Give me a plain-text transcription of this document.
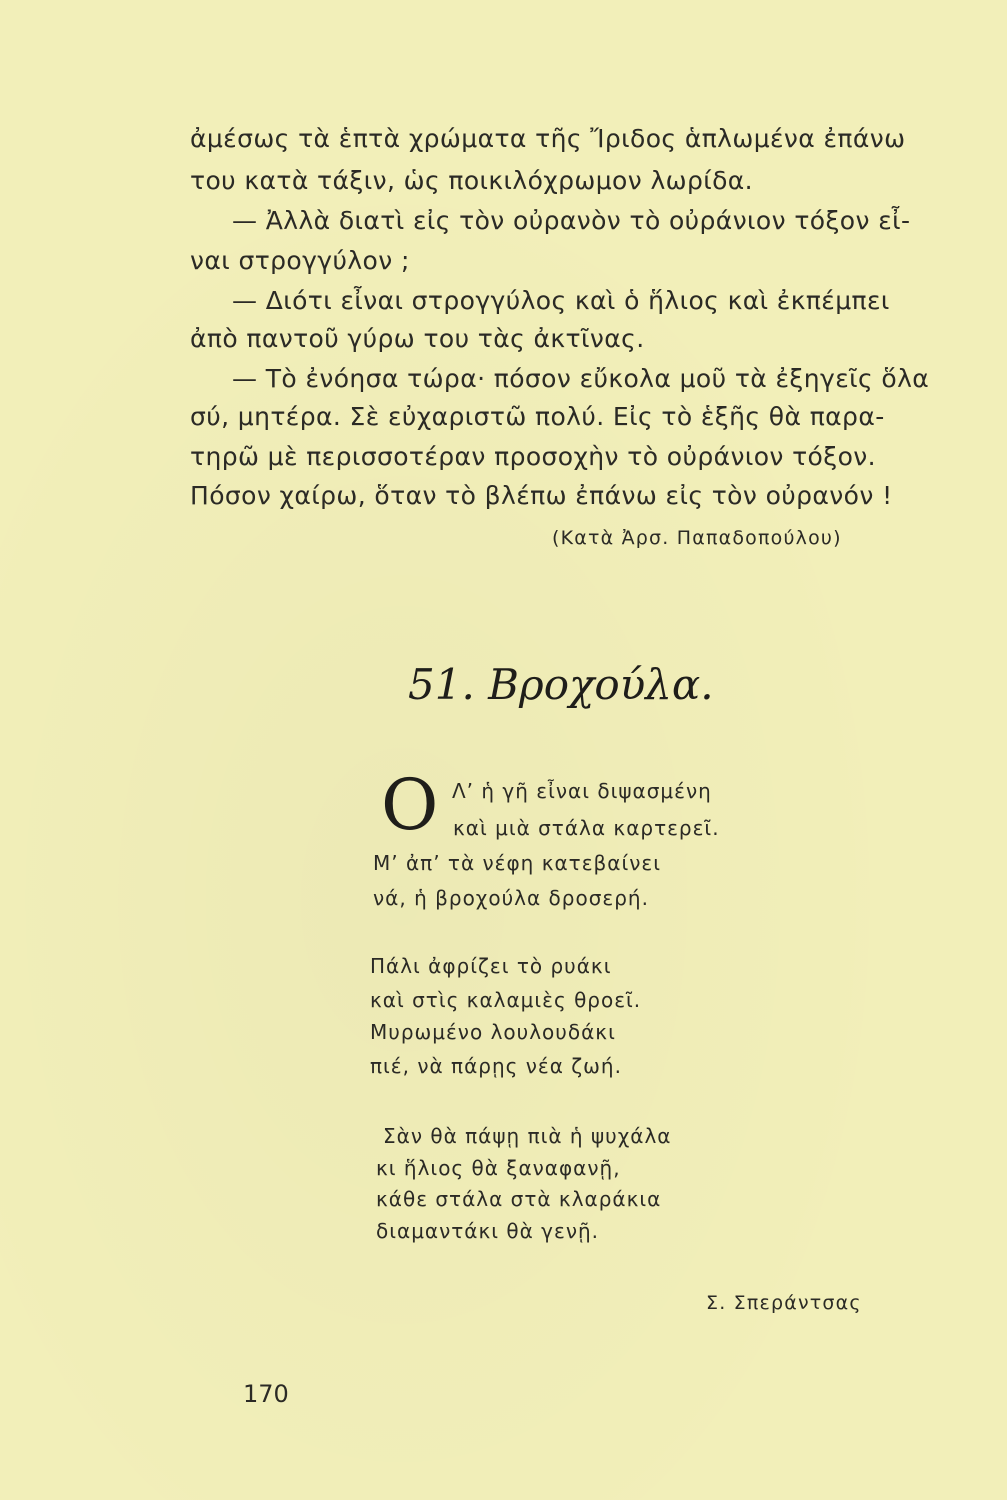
ἀμέσως τὰ ἑπτὰ χρώματα τῆς Ἴριδος ἁπλωμένα ἐπάνω
του κατὰ τάξιν, ὡς ποικιλόχρωμον λωρίδα.
— Ἀλλὰ διατὶ εἰς τὸν οὐρανὸν τὸ οὐράνιον τόξον εἶ-
ναι στρογγύλον ;
— Διότι εἶναι στρογγύλος καὶ ὁ ἥλιος καὶ ἐκπέμπει
ἀπὸ παντοῦ γύρω του τὰς ἀκτῖνας.
— Τὸ ἐνόησα τώρα· πόσον εὔκολα μοῦ τὰ ἐξηγεῖς ὅλα
σύ, μητέρα. Σὲ εὐχαριστῶ πολύ. Εἰς τὸ ἑξῆς θὰ παρα-
τηρῶ μὲ περισσοτέραν προσοχὴν τὸ οὐράνιον τόξον.
Πόσον χαίρω, ὅταν τὸ βλέπω ἐπάνω εἰς τὸν οὐρανόν !
(Κατὰ Ἀρσ. Παπαδοπούλου)
51. Βροχούλα.
Ο Λ’ ἡ γῆ εἶναι διψασμένη
καὶ μιὰ στάλα καρτερεῖ.
Μ’ ἀπ’ τὰ νέφη κατεβαίνει
νά, ἡ βροχούλα δροσερή.
Πάλι ἀφρίζει τὸ ρυάκι
καὶ στὶς καλαμιὲς θροεῖ.
Μυρωμένο λουλουδάκι
πιέ, νὰ πάρῃς νέα ζωή.
Σὰν θὰ πάψῃ πιὰ ἡ ψυχάλα
κι ἥλιος θὰ ξαναφανῇ,
κάθε στάλα στὰ κλαράκια
διαμαντάκι θὰ γενῇ.
Σ. Σπεράντσας
170
